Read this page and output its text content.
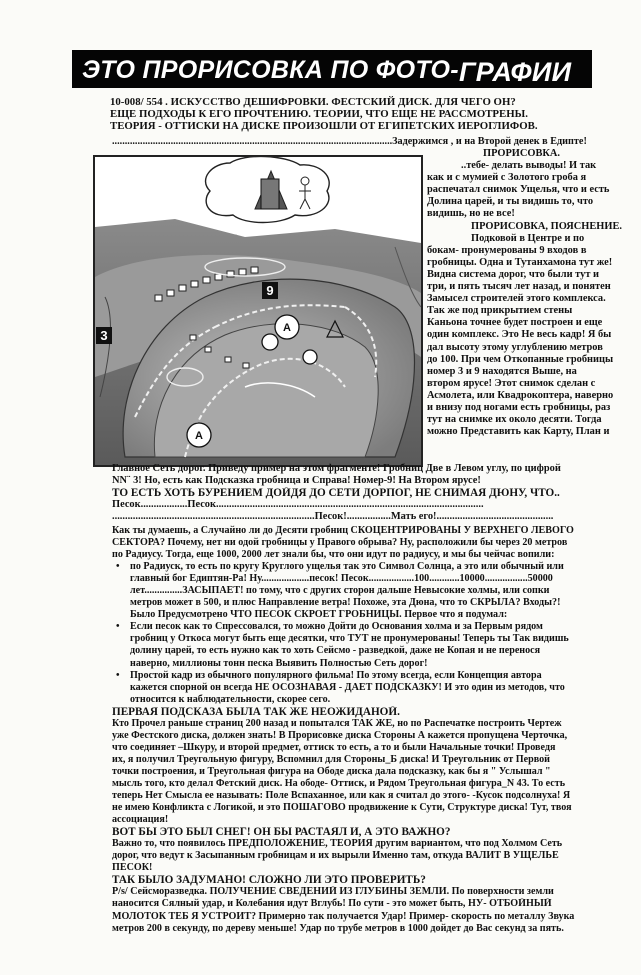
ЭТО ПРОРИСОВКА ПО ФОТО-ГРАФИИ
10-008/ 554 . ИСКУССТВО ДЕШИФРОВКИ. ФЕСТСКИЙ ДИСК. ДЛЯ ЧЕГО ОН?
ЕЩЕ ПОДХОДЫ К ЕГО ПРОЧТЕНИЮ. ТЕОРИИ, ЧТО ЕЩЕ НЕ РАССМОТРЕНЫ.
ТЕОРИЯ - ОТТИСКИ НА ДИСКЕ ПРОИЗОШЛИ ОТ ЕГИПЕТСКИХ ИЕРОГЛИФОВ.
..............................................................................................................Задержимся , и на Второй денек в Едипте!
A
A
3
9
ПРОРИСОВКА.
..тебе- делать выводы! И так
как и с мумией с Золотого гроба я
распечатал снимок Ущелья, что и есть
Долина царей, и ты видишь то, что
видишь, но не все!
ПРОРИСОВКА, ПОЯСНЕНИЕ.
Подковой в Центре и по
бокам- пронумерованы 9 входов в
гробницы. Одна и Тутанхамона тут же!
Видна система дорог, что были тут и
три, и пять тысяч лет назад, и понятен
Замысел строителей этого комплекса.
Так же под прикрытием стены
Каньона точнее будет построен и еще
один комплекс. Это Не весь кадр! Я бы
дал высоту этому углублению метров
до 100. При чем Откопанные гробницы
номер 3 и 9 находятся Выше, на
втором ярусе! Этот снимок сделан с
Асмолета, или Квадрокоптера, наверно
и внизу под ногами есть гробницы, раз
тут на снимке их около десяти. Тогда
можно Представить как Карту, План и
Главное Сеть дорог. Приведу пример на этом фрагменте! Гробниц Две в Левом углу, по цифрой
NN¨ 3! Но, есть как Подсказка гробница и Справа! Номер-9! На Втором ярусе!
ТО ЕСТЬ ХОТЬ БУРЕНИЕМ ДОЙДЯ ДО СЕТИ ДОРПОГ, НЕ СНИМАЯ ДЮНУ, ЧТО..
Песок..................Песок.......................................................................................................
..............................................................................Песок!.................Мать его!.............................................
Как ты думаешь, а Случайно ли до Десяти гробниц СКОЦЕНТРИРОВАНЫ У ВЕРХНЕГО ЛЕВОГО
СЕКТОРА? Почему, нет ни одой гробницы у Правого обрыва? Ну, расположили бы через 20 метров
по Радиусу. Тогда, еще 1000, 2000 лет знали бы, что они идут по радиусу, и мы бы чейчас вопили:
• по Радиуск, то есть по кругу Круглого ущелья так это Символ Солнца, а это или обычный или
главный бог Едиптян-Ра! Ну...................песок! Песок..................100............10000.................50000
лет...............ЗАСЫПАЕТ! по тому, что с других сторон дальше Невысокие холмы, или сопки
метров может в 500, и плюс Направление ветра! Похоже, эта Дюна, что то СКРЫЛА? Входы?!
Было Предусмотрено ЧТО ПЕСОК СКРОЕТ ГРОБНИЦЫ. Первое что я подумал:
• Если песок как то Спрессовался, то можно Дойти до Основания холма и за Первым рядом
гробниц у Откоса могут быть еще десятки, что ТУТ не пронумерованы! Теперь ты Так видишь
долину царей, то есть нужно как то хоть Сейсмо - разведкой, даже не Копая и не перенося
наверно, миллионы тонн песка Выявить Полностью Сеть дорог!
• Простой кадр из обычного популярного фильма! По этому всегда, если Концепция автора
кажется спорной он всегда НЕ ОСОЗНАВАЯ - ДАЕТ ПОДСКАЗКУ! И это один из методов, что
относится к наблюдательности, скорее сего.
ПЕРВАЯ ПОДСКАЗА БЫЛА ТАК ЖЕ НЕОЖИДАНОЙ.
Кто Прочел раньше страниц 200 назад и попытался ТАК ЖЕ, но по Распечатке построить Чертеж
уже Фестского диска, должен знать! В Прорисовке диска Стороны А кажется пропущена Черточка,
что соединяет –Шкуру, и второй предмет, оттиск то есть, а то и были Начальные точки! Проведя
их, я получил Треугольную фигуру, Вспомнил для Стороны_Б диска! И Треугольник от Первой
точки построения, и Треугольная фигура на Ободе диска дала подсказку, как бы я " Услышал "
мысль того, кто делал Фетский диск. На ободе- Оттиск, и Рядом Треугольная фигура_N 43. То есть
теперь Нет Смысла ее называть: Поле Вспаханное, или как я считал до этого- -Кусок подсолнуха! Я
не имею Конфликта с Логикой, и это ПОШАГОВО продвижение к Сути, Структуре диска! Тут, твоя
ассоциация!
ВОТ БЫ ЭТО БЫЛ СНЕГ! ОН БЫ РАСТАЯЛ И, А ЭТО ВАЖНО?
Важно то, что появилось ПРЕДПОЛОЖЕНИЕ, ТЕОРИЯ другим вариантом, что под Холмом Сеть
дорог, что ведут к Засыпанным гробницам и их вырыли Именно там, откуда ВАЛИТ В УЩЕЛЬЕ
ПЕСОК!
ТАК БЫЛО ЗАДУМАНО! СЛОЖНО ЛИ ЭТО ПРОВЕРИТЬ?
P/s/ Сейсморазведка. ПОЛУЧЕНИЕ СВЕДЕНИЙ ИЗ ГЛУБИНЫ ЗЕМЛИ. По поверхности земли
наносится Сялный удар, и Колебания идут Вглубь! По сути - это может быть, НУ- ОТБОЙНЫЙ
МОЛОТОК ТЕБ Я УСТРОИТ? Примерно так получается Удар! Пример- скорость по металлу Звука
метров 200 в секунду, по дереву меньше! Удар по трубе метров в 1000 дойдет до Вас секунд за пять.
